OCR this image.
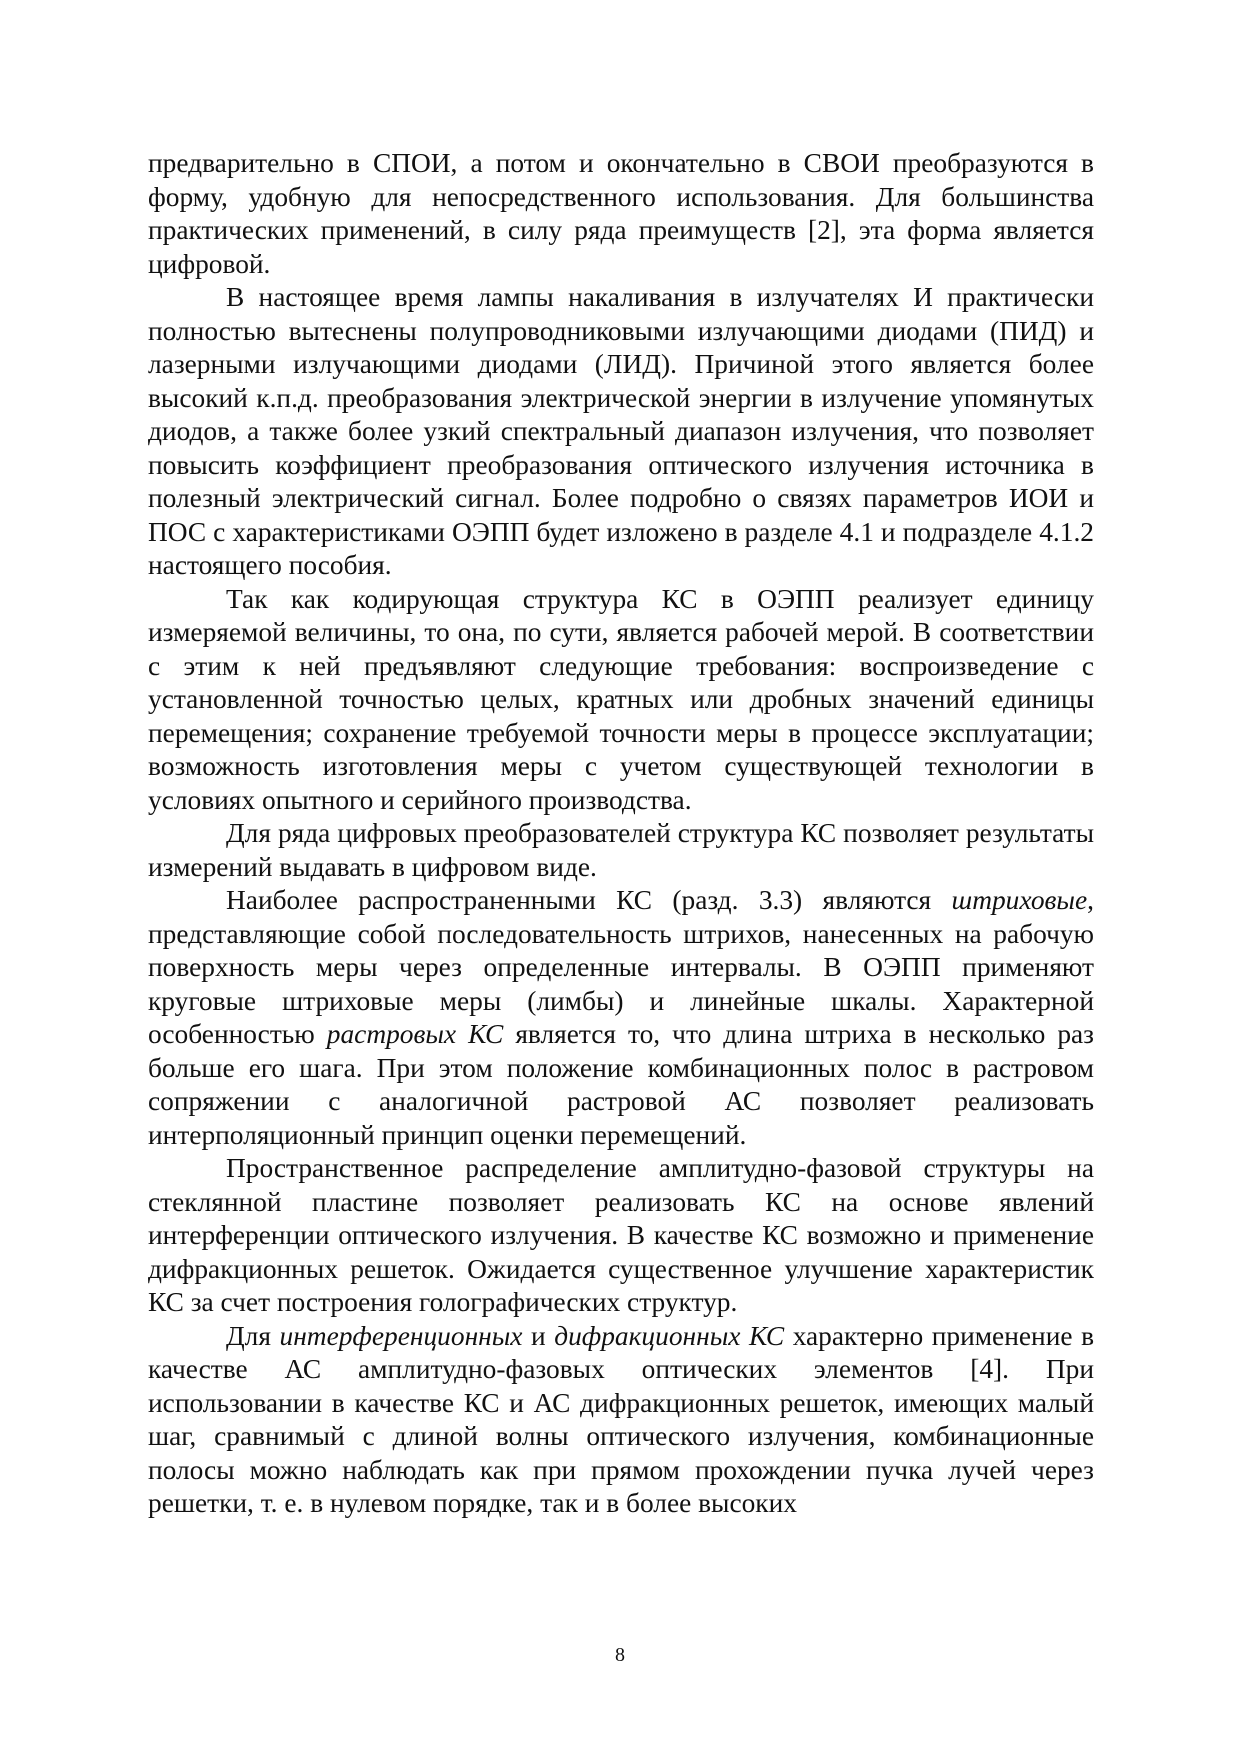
предварительно в СПОИ, а потом и окончательно в СВОИ преобразуются в форму, удобную для непосредственного использования. Для большинства практических применений, в силу ряда преимуществ [2], эта форма является цифровой.

В настоящее время лампы накаливания в излучателях И практически полностью вытеснены полупроводниковыми излучающими диодами (ПИД) и лазерными излучающими диодами (ЛИД). Причиной этого является более высокий к.п.д. преобразования электрической энергии в излучение упомянутых диодов, а также более узкий спектральный диапазон излучения, что позволяет повысить коэффициент преобразования оптического излучения источника в полезный электрический сигнал. Более подробно о связях параметров ИОИ и ПОС с характеристиками ОЭПП будет изложено в разделе 4.1 и подразделе 4.1.2 настоящего пособия.

Так как кодирующая структура КС в ОЭПП реализует единицу измеряемой величины, то она, по сути, является рабочей мерой. В соответствии с этим к ней предъявляют следующие требования: воспроизведение с установленной точностью целых, кратных или дробных значений единицы перемещения; сохранение требуемой точности меры в процессе эксплуатации; возможность изготовления меры с учетом существующей технологии в условиях опытного и серийного производства.

Для ряда цифровых преобразователей структура КС позволяет результаты измерений выдавать в цифровом виде.

Наиболее распространенными КС (разд. 3.3) являются штриховые, представляющие собой последовательность штрихов, нанесенных на рабочую поверхность меры через определенные интервалы. В ОЭПП применяют круговые штриховые меры (лимбы) и линейные шкалы. Характерной особенностью растровых КС является то, что длина штриха в несколько раз больше его шага. При этом положение комбинационных полос в растровом сопряжении с аналогичной растровой АС позволяет реализовать интерполяционный принцип оценки перемещений.

Пространственное распределение амплитудно-фазовой структуры на стеклянной пластине позволяет реализовать КС на основе явлений интерференции оптического излучения. В качестве КС возможно и применение дифракционных решеток. Ожидается существенное улучшение характеристик КС за счет построения голографических структур.

Для интерференционных и дифракционных КС характерно применение в качестве АС амплитудно-фазовых оптических элементов [4]. При использовании в качестве КС и АС дифракционных решеток, имеющих малый шаг, сравнимый с длиной волны оптического излучения, комбинационные полосы можно наблюдать как при прямом прохождении пучка лучей через решетки, т. е. в нулевом порядке, так и в более высоких

8
